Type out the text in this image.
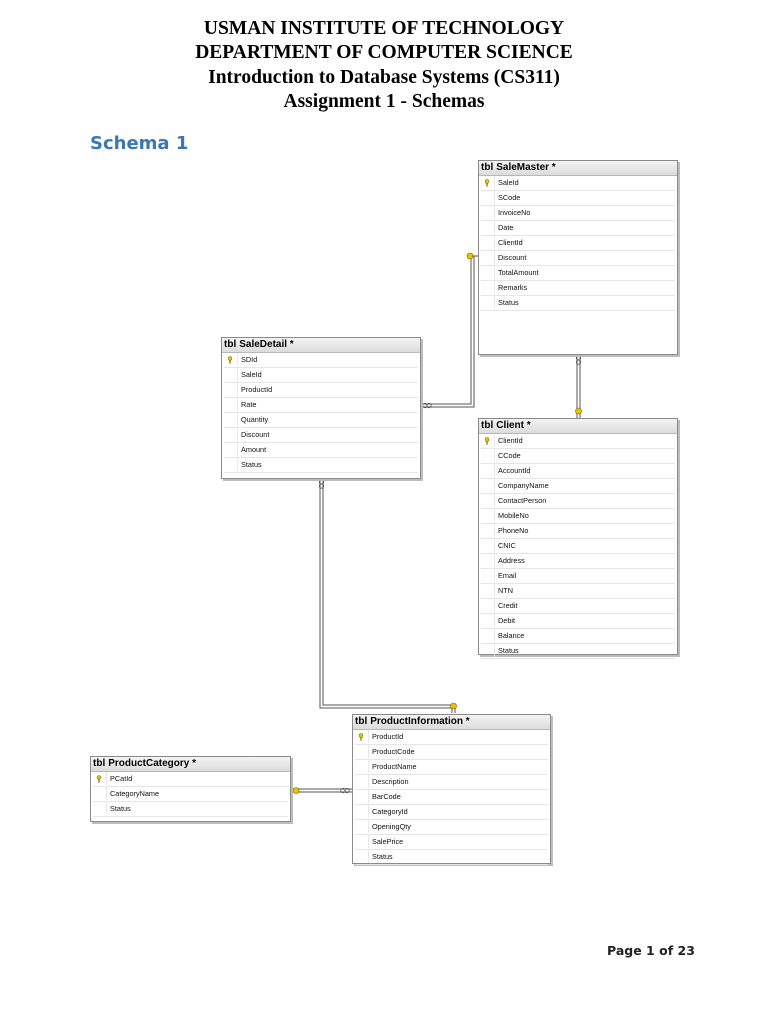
USMAN INSTITUTE OF TECHNOLOGY
DEPARTMENT OF COMPUTER SCIENCE
Introduction to Database Systems (CS311)
Assignment 1 - Schemas
Schema 1
tbl SaleMaster *
SaleId
SCode
InvoiceNo
Date
ClientId
Discount
TotalAmount
Remarks
Status
tbl SaleDetail *
SDId
SaleId
ProductId
Rate
Quantity
Discount
Amount
Status
tbl Client *
ClientId
CCode
AccountId
CompanyName
ContactPerson
MobileNo
PhoneNo
CNIC
Address
Email
NTN
Credit
Debit
Balance
Status
tbl ProductInformation *
ProductId
ProductCode
ProductName
Description
BarCode
CategoryId
OpeningQty
SalePrice
Status
tbl ProductCategory *
PCatId
CategoryName
Status
Page 1 of 23
